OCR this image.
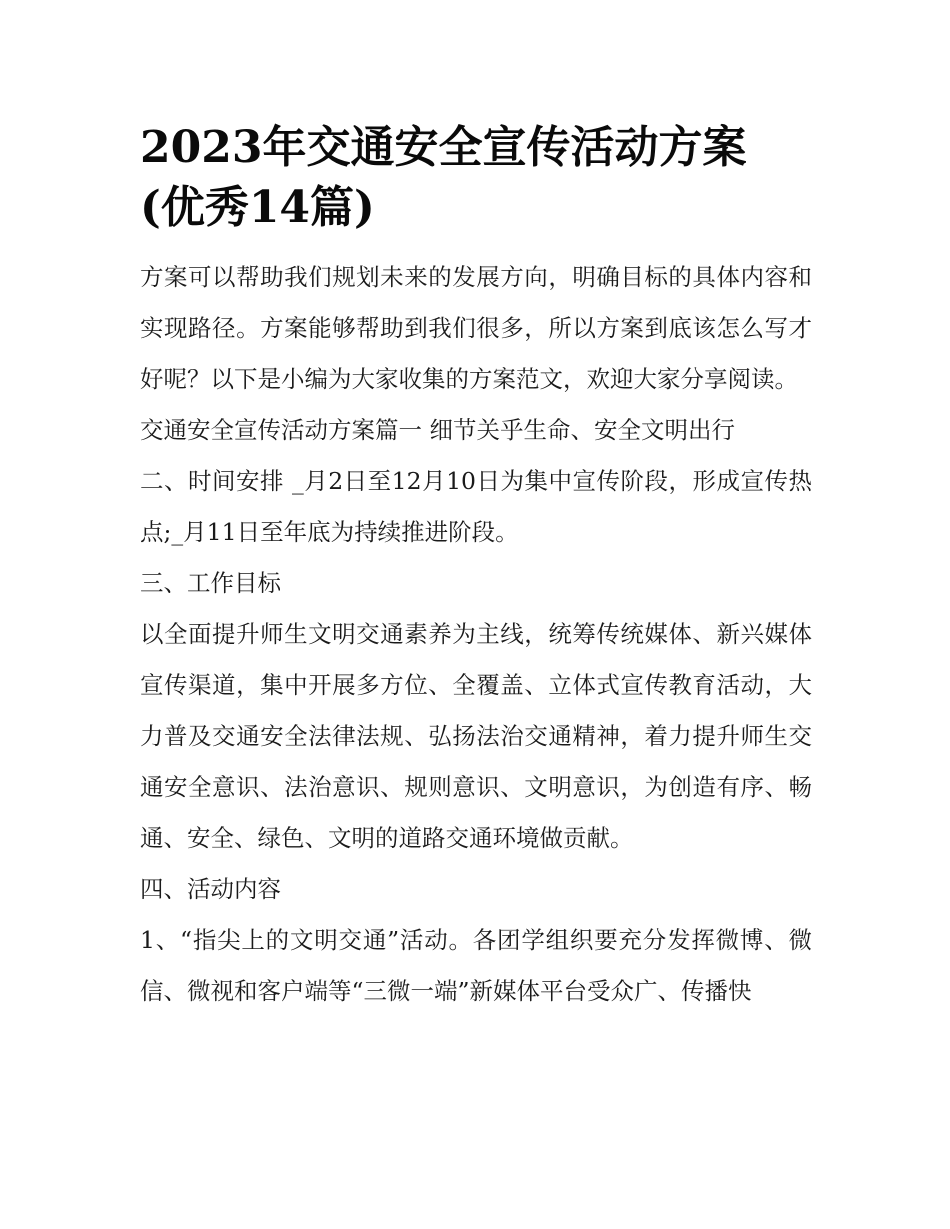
2023年交通安全宣传活动方案
(优秀14篇)

方案可以帮助我们规划未来的发展方向，明确目标的具体内容和实现路径。方案能够帮助到我们很多，所以方案到底该怎么写才好呢？以下是小编为大家收集的方案范文，欢迎大家分享阅读。

交通安全宣传活动方案篇一 细节关乎生命、安全文明出行

二、时间安排 _月2日至12月10日为集中宣传阶段，形成宣传热点;_月11日至年底为持续推进阶段。

三、工作目标

以全面提升师生文明交通素养为主线，统筹传统媒体、新兴媒体宣传渠道，集中开展多方位、全覆盖、立体式宣传教育活动，大力普及交通安全法律法规、弘扬法治交通精神，着力提升师生交通安全意识、法治意识、规则意识、文明意识，为创造有序、畅通、安全、绿色、文明的道路交通环境做贡献。

四、活动内容

1、“指尖上的文明交通”活动。各团学组织要充分发挥微博、微信、微视和客户端等“三微一端”新媒体平台受众广、传播快
